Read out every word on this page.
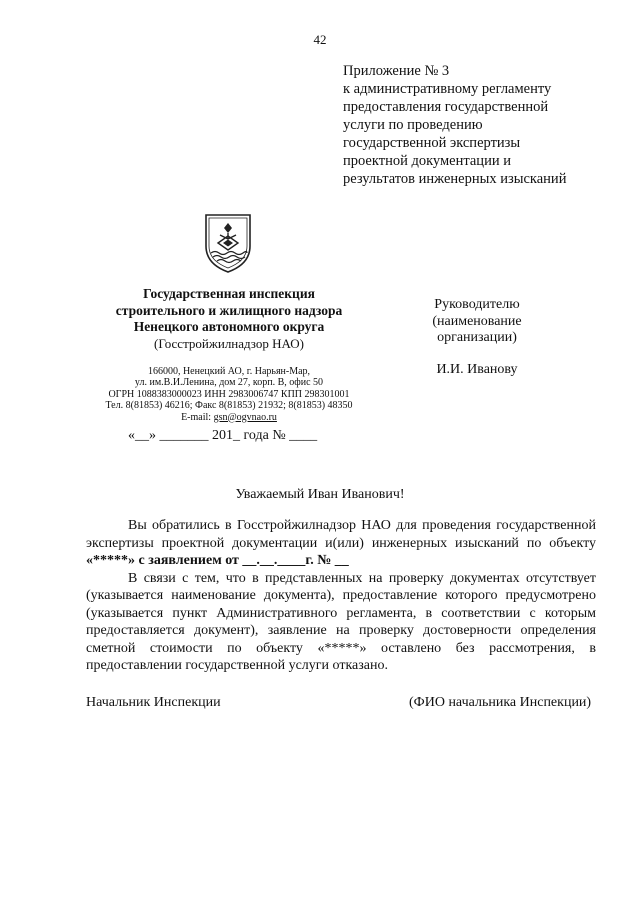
42
Приложение № 3
к административному регламенту
предоставления государственной
услуги по проведению
государственной экспертизы
проектной документации и
результатов инженерных изысканий
Государственная инспекция
строительного и жилищного надзора
Ненецкого автономного округа
(Госстройжилнадзор НАО)
166000, Ненецкий АО, г. Нарьян-Мар,
ул. им.В.И.Ленина, дом 27, корп. В, офис 50
ОГРН 1088383000023 ИНН 2983006747 КПП 298301001
Тел. 8(81853) 46216; Факс 8(81853) 21932; 8(81853) 48350
E-mail: gsn@ogvnao.ru
«__» _______ 201_ года № ____
Руководителю
(наименование организации)
И.И. Иванову
Уважаемый Иван Иванович!
Вы обратились в Госстройжилнадзор НАО для проведения государственной экспертизы проектной документации и(или) инженерных изысканий по объекту «*****» с заявлением от __.__.____г. № __
В связи с тем, что в представленных на проверку документах отсутствует (указывается наименование документа), предоставление которого предусмотрено (указывается пункт Административного регламента, в соответствии с которым предоставляется документ), заявление на проверку достоверности определения сметной стоимости по объекту «*****» оставлено без рассмотрения, в предоставлении государственной услуги отказано.
Начальник Инспекции	(ФИО начальника Инспекции)
